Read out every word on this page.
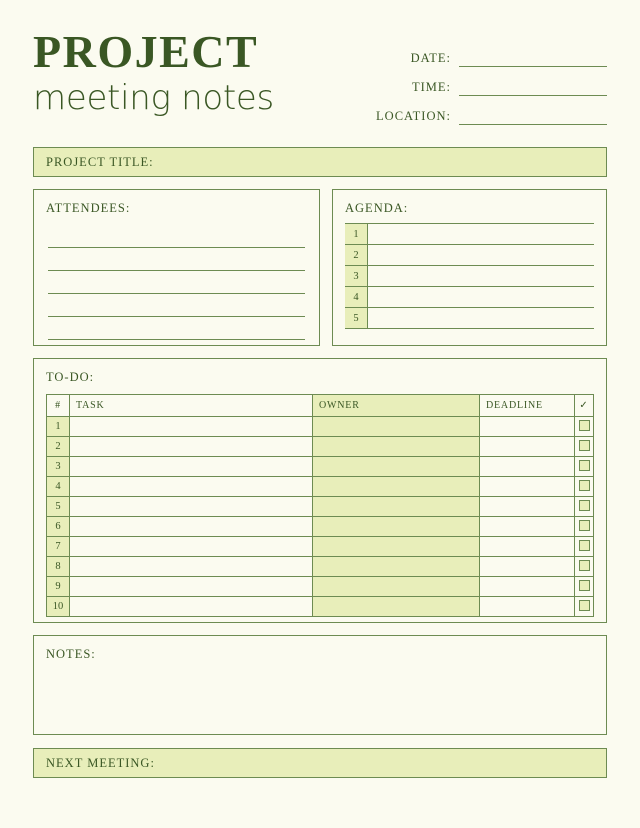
PROJECT
meeting notes
DATE:
TIME:
LOCATION:
PROJECT TITLE:
ATTENDEES:	AGENDA:
1
2
3
4
5
TO-DO:
#	TASK	OWNER	DEADLINE	✓
1				
2				
3				
4				
5				
6				
7				
8				
9				
10				
NOTES:
NEXT MEETING:
